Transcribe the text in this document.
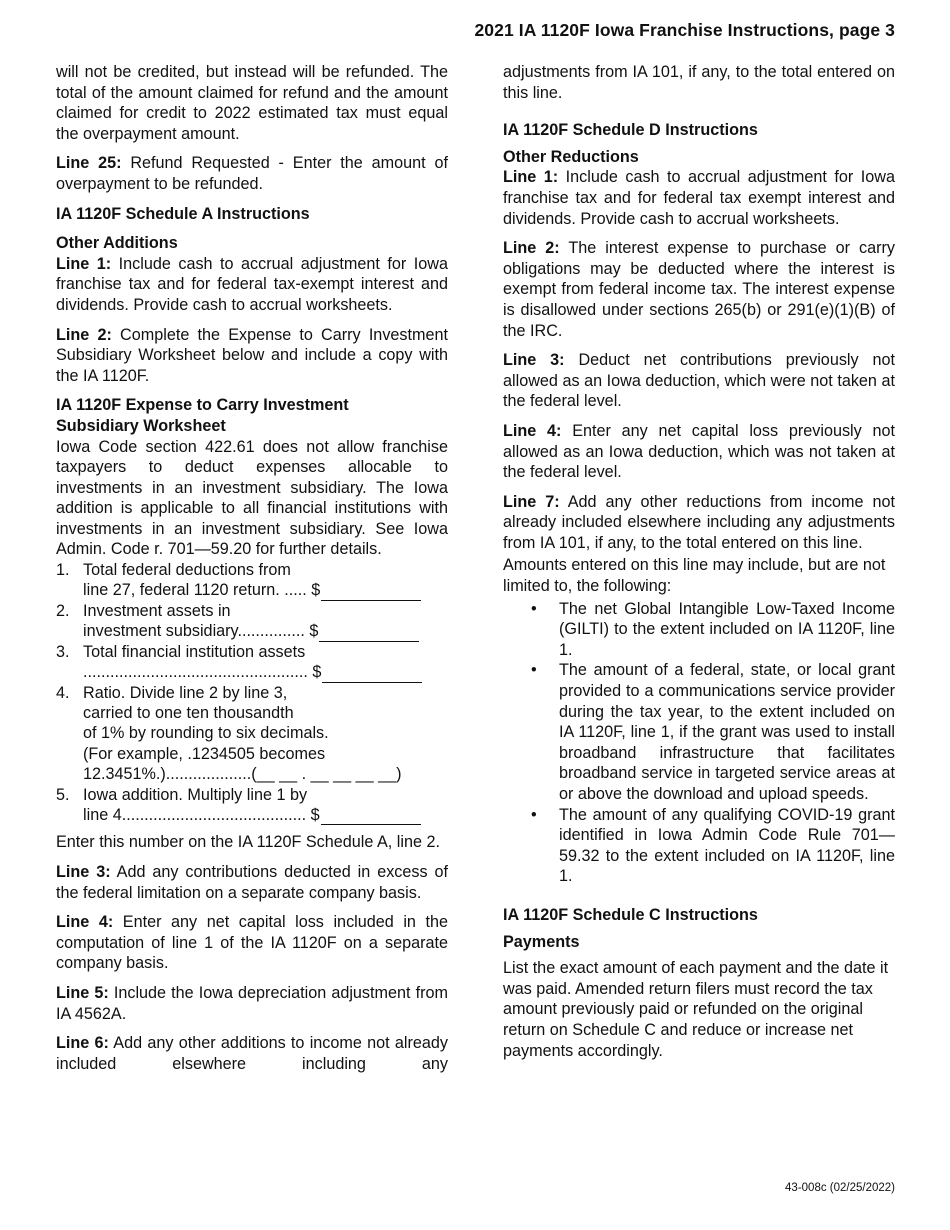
2021 IA 1120F Iowa Franchise Instructions, page 3

will not be credited, but instead will be refunded. The total of the amount claimed for refund and the amount claimed for credit to 2022 estimated tax must equal the overpayment amount.

Line 25: Refund Requested - Enter the amount of overpayment to be refunded.

IA 1120F Schedule A Instructions
Other Additions

Line 1: Include cash to accrual adjustment for Iowa franchise tax and for federal tax-exempt interest and dividends. Provide cash to accrual worksheets.

Line 2: Complete the Expense to Carry Investment Subsidiary Worksheet below and include a copy with the IA 1120F.

IA 1120F Expense to Carry Investment Subsidiary Worksheet

Iowa Code section 422.61 does not allow franchise taxpayers to deduct expenses allocable to investments in an investment subsidiary. The Iowa addition is applicable to all financial institutions with investments in an investment subsidiary. See Iowa Admin. Code r. 701—59.20 for further details.

1. Total federal deductions from
line 27, federal 1120 return. ..... $
2. Investment assets in
investment subsidiary............... $
3. Total financial institution assets
.................................................. $
4. Ratio. Divide line 2 by line 3,
carried to one ten thousandth
of 1% by rounding to six decimals.
(For example, .1234505 becomes
12.3451%.)...................(__ __ . __ __ __ __)
5. Iowa addition. Multiply line 1 by
line 4......................................... $

Enter this number on the IA 1120F Schedule A, line 2.

Line 3: Add any contributions deducted in excess of the federal limitation on a separate company basis.

Line 4: Enter any net capital loss included in the computation of line 1 of the IA 1120F on a separate company basis.

Line 5: Include the Iowa depreciation adjustment from IA 4562A.

Line 6: Add any other additions to income not already included elsewhere including any

adjustments from IA 101, if any, to the total entered on this line.

IA 1120F Schedule D Instructions
Other Reductions

Line 1: Include cash to accrual adjustment for Iowa franchise tax and for federal tax exempt interest and dividends. Provide cash to accrual worksheets.

Line 2: The interest expense to purchase or carry obligations may be deducted where the interest is exempt from federal income tax. The interest expense is disallowed under sections 265(b) or 291(e)(1)(B) of the IRC.

Line 3: Deduct net contributions previously not allowed as an Iowa deduction, which were not taken at the federal level.

Line 4: Enter any net capital loss previously not allowed as an Iowa deduction, which was not taken at the federal level.

Line 7: Add any other reductions from income not already included elsewhere including any adjustments from IA 101, if any, to the total entered on this line.

Amounts entered on this line may include, but are not limited to, the following:

• The net Global Intangible Low-Taxed Income (GILTI) to the extent included on IA 1120F, line 1.
• The amount of a federal, state, or local grant provided to a communications service provider during the tax year, to the extent included on IA 1120F, line 1, if the grant was used to install broadband infrastructure that facilitates broadband service in targeted service areas at or above the download and upload speeds.
• The amount of any qualifying COVID-19 grant identified in Iowa Admin Code Rule 701—59.32 to the extent included on IA 1120F, line 1.
IA 1120F Schedule C Instructions
Payments

List the exact amount of each payment and the date it was paid. Amended return filers must record the tax amount previously paid or refunded on the original return on Schedule C and reduce or increase net payments accordingly.

43-008c (02/25/2022)
